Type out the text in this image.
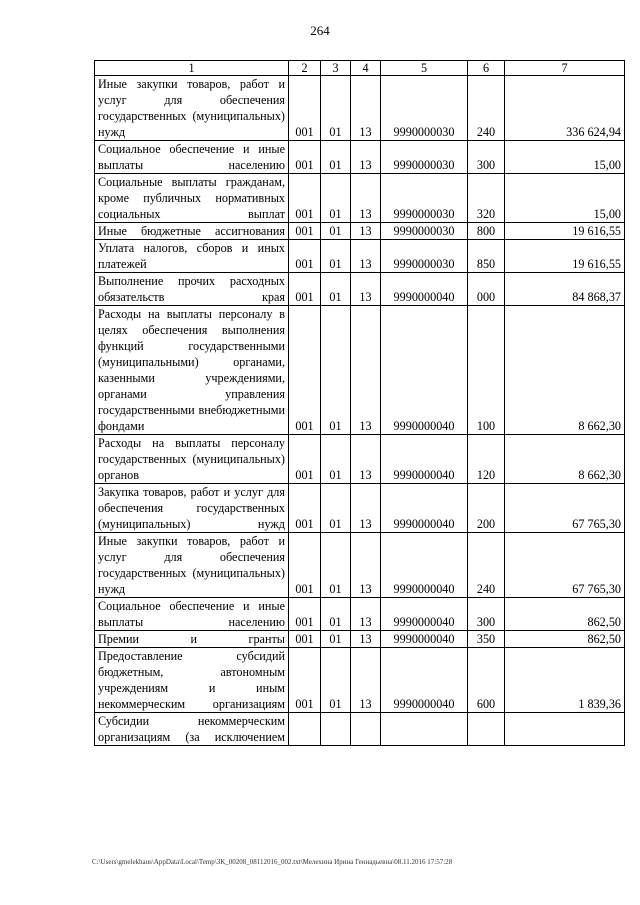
264
1	2	3	4	5	6	7
Иные закупки товаров, работ и услуг для обеспечения государственных (муниципальных) нужд	001	01	13	9990000030	240	336 624,94
Социальное обеспечение и иные выплаты населению	001	01	13	9990000030	300	15,00
Социальные выплаты гражданам, кроме публичных нормативных социальных выплат	001	01	13	9990000030	320	15,00
Иные бюджетные ассигнования	001	01	13	9990000030	800	19 616,55
Уплата налогов, сборов и иных платежей	001	01	13	9990000030	850	19 616,55
Выполнение прочих расходных обязательств края	001	01	13	9990000040	000	84 868,37
Расходы на выплаты персоналу в целях обеспечения выполнения функций государственными (муниципальными) органами, казенными учреждениями, органами управления государственными внебюджетными фондами	001	01	13	9990000040	100	8 662,30
Расходы на выплаты персоналу государственных (муниципальных) органов	001	01	13	9990000040	120	8 662,30
Закупка товаров, работ и услуг для обеспечения государственных (муниципальных) нужд	001	01	13	9990000040	200	67 765,30
Иные закупки товаров, работ и услуг для обеспечения государственных (муниципальных) нужд	001	01	13	9990000040	240	67 765,30
Социальное обеспечение и иные выплаты населению	001	01	13	9990000040	300	862,50
Премии и гранты	001	01	13	9990000040	350	862,50
Предоставление субсидий бюджетным, автономным учреждениям и иным некоммерческим организациям	001	01	13	9990000040	600	1 839,36
Субсидии некоммерческим организациям (за исключением						
C:\Users\gmelekhaus\AppData\Local\Temp\3K_00208_08112016_002.txt\Мелехина Ирина Геннадьевна\08.11.2016 17:57:28
